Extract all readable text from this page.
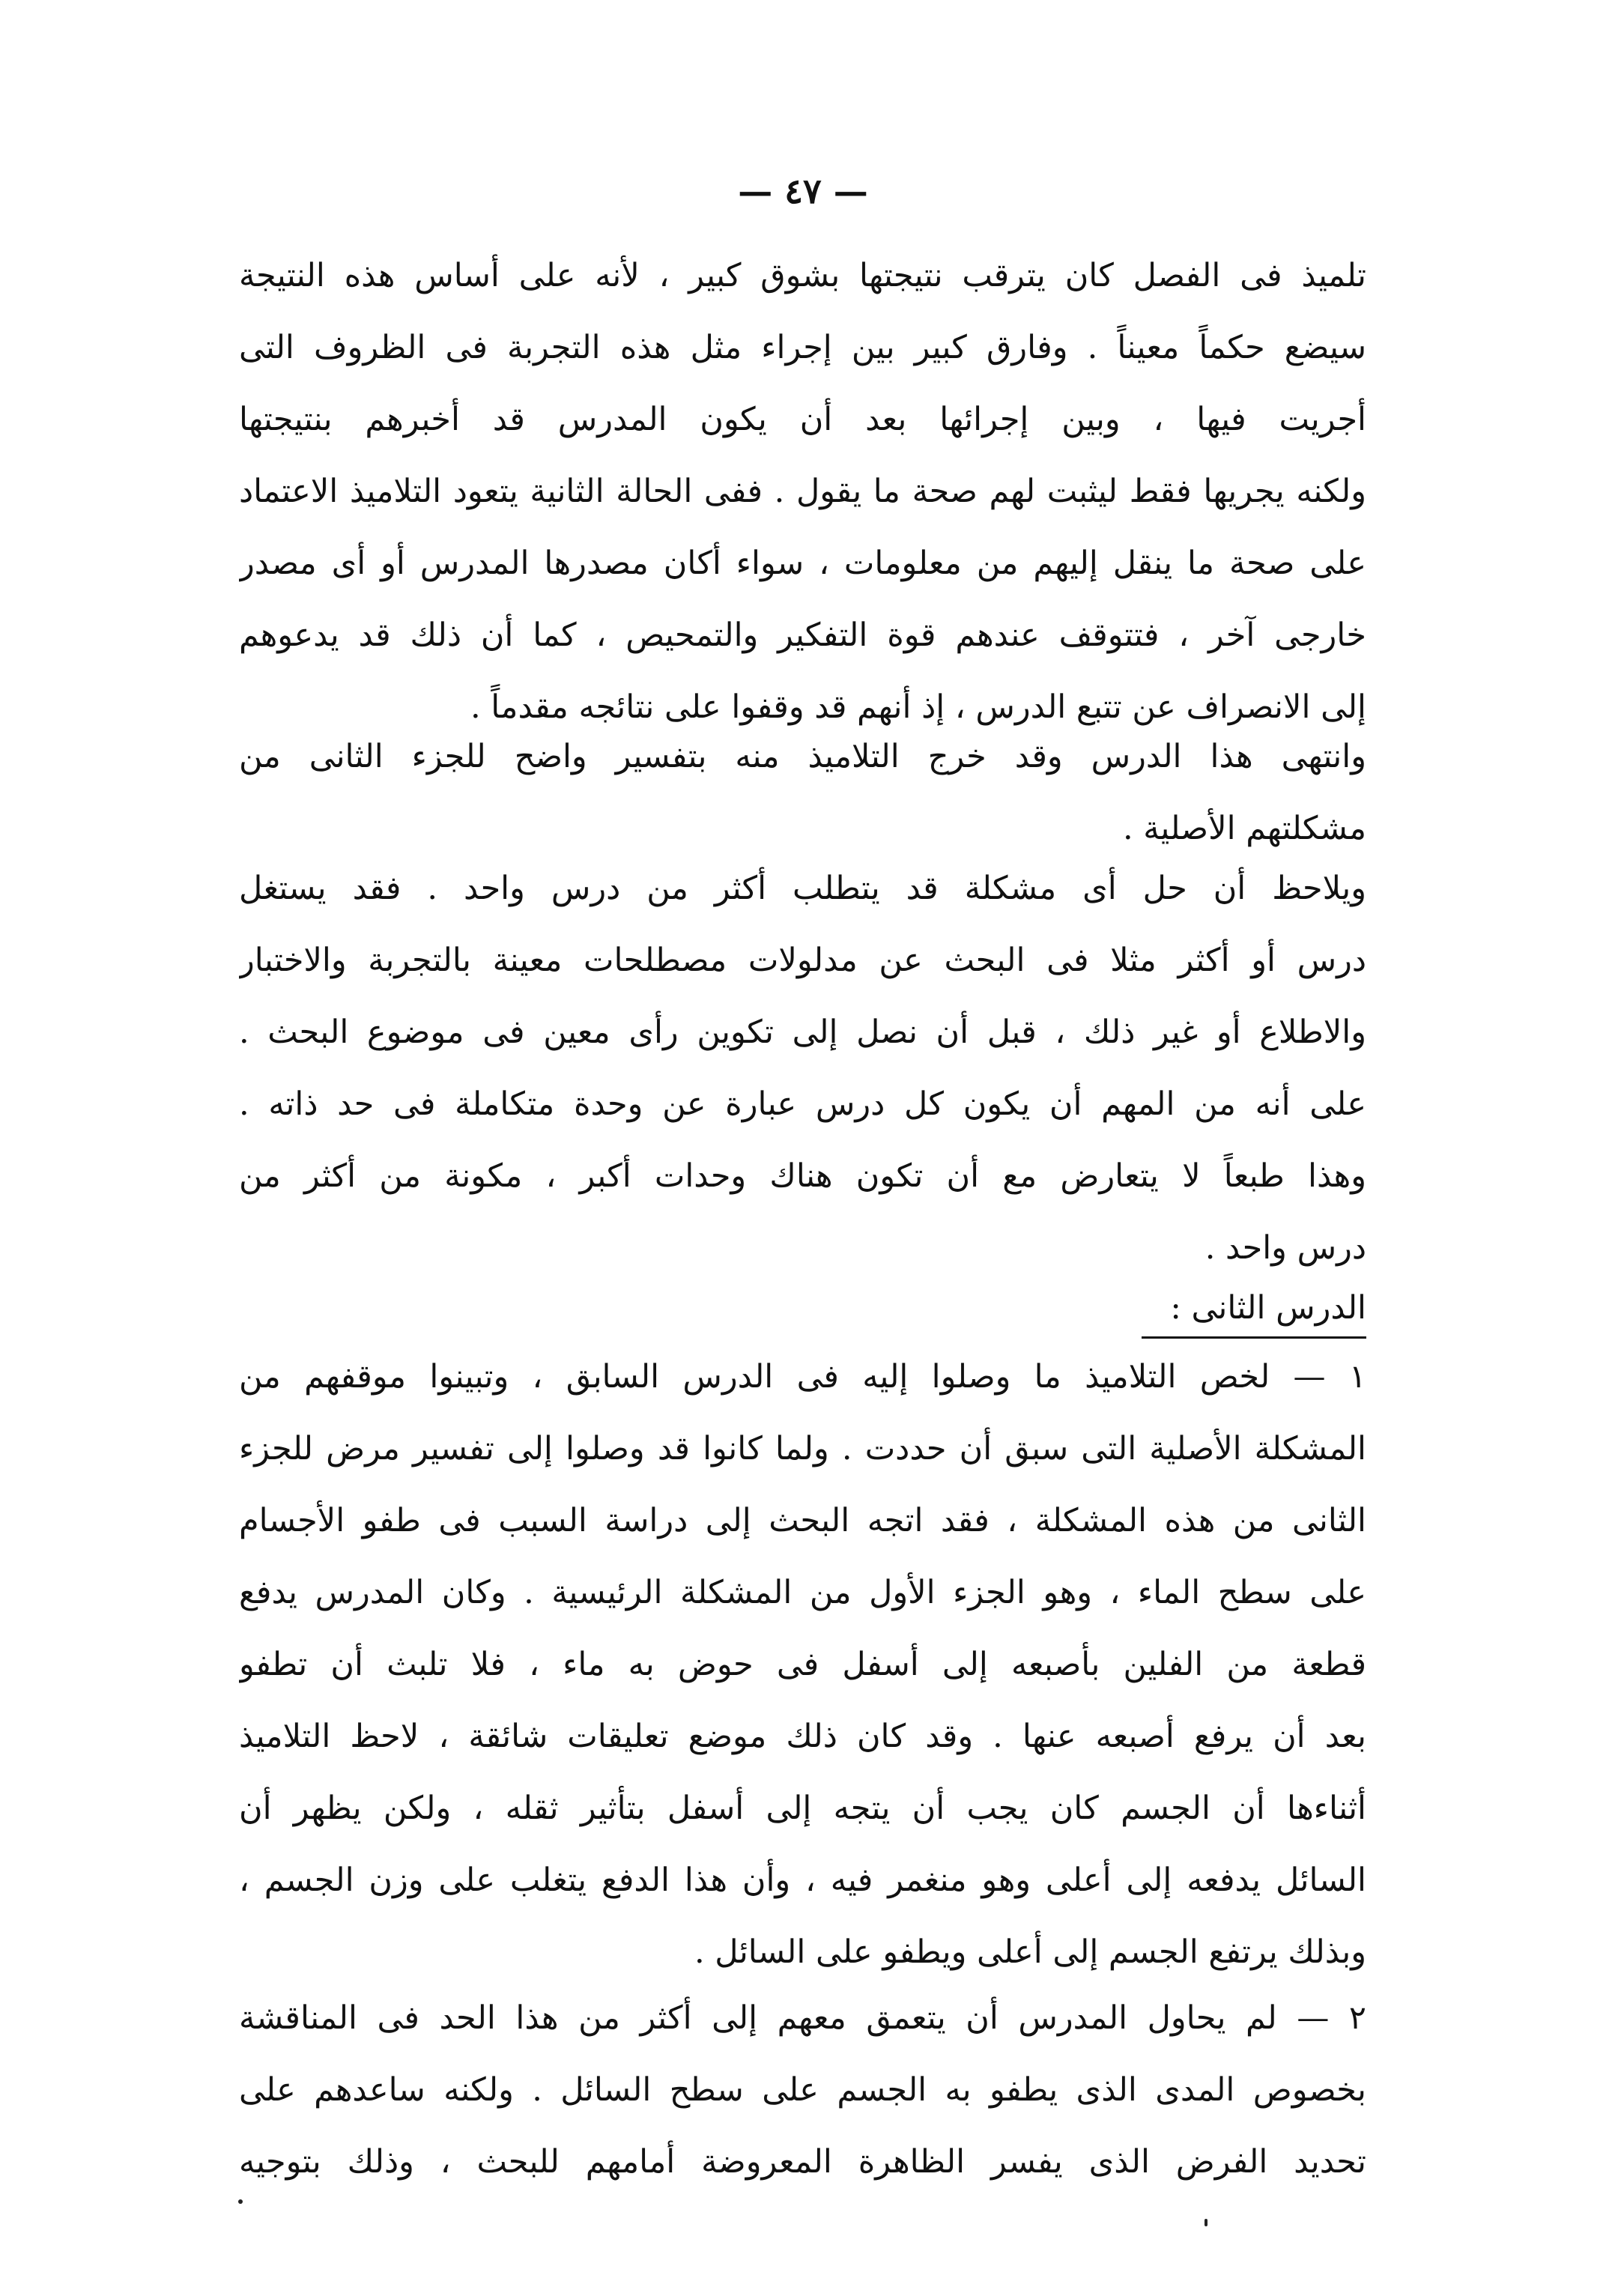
— ٤٧ —
تلميذ فى الفصل كان يترقب نتيجتها بشوق كبير ، لأنه على أساس هذه النتيجة
سيضع حكماً معيناً . وفارق كبير بين إجراء مثل هذه التجربة فى الظروف التى
أجريت فيها ، وبين إجرائها بعد أن يكون المدرس قد أخبرهم بنتيجتها
ولكنه يجريها فقط ليثبت لهم صحة ما يقول . ففى الحالة الثانية يتعود التلاميذ الاعتماد
على صحة ما ينقل إليهم من معلومات ، سواء أكان مصدرها المدرس أو أى مصدر
خارجى آخر ، فتتوقف عندهم قوة التفكير والتمحيص ، كما أن ذلك قد يدعوهم
إلى الانصراف عن تتبع الدرس ، إذ أنهم قد وقفوا على نتائجه مقدماً .
وانتهى هذا الدرس وقد خرج التلاميذ منه بتفسير واضح للجزء الثانى من
مشكلتهم الأصلية .
ويلاحظ أن حل أى مشكلة قد يتطلب أكثر من درس واحد . فقد يستغل
درس أو أكثر مثلا فى البحث عن مدلولات مصطلحات معينة بالتجربة والاختبار
والاطلاع أو غير ذلك ، قبل أن نصل إلى تكوين رأى معين فى موضوع البحث .
على أنه من المهم أن يكون كل درس عبارة عن وحدة متكاملة فى حد ذاته .
وهذا طبعاً لا يتعارض مع أن تكون هناك وحدات أكبر ، مكونة من أكثر من
درس واحد .
الدرس الثانى :
١ — لخص التلاميذ ما وصلوا إليه فى الدرس السابق ، وتبينوا موقفهم من
المشكلة الأصلية التى سبق أن حددت . ولما كانوا قد وصلوا إلى تفسير مرض للجزء
الثانى من هذه المشكلة ، فقد اتجه البحث إلى دراسة السبب فى طفو الأجسام
على سطح الماء ، وهو الجزء الأول من المشكلة الرئيسية . وكان المدرس يدفع
قطعة من الفلين بأصبعه إلى أسفل فى حوض به ماء ، فلا تلبث أن تطفو
بعد أن يرفع أصبعه عنها . وقد كان ذلك موضع تعليقات شائقة ، لاحظ التلاميذ
أثناءها أن الجسم كان يجب أن يتجه إلى أسفل بتأثير ثقله ، ولكن يظهر أن
السائل يدفعه إلى أعلى وهو منغمر فيه ، وأن هذا الدفع يتغلب على وزن الجسم ،
وبذلك يرتفع الجسم إلى أعلى ويطفو على السائل .
٢ — لم يحاول المدرس أن يتعمق معهم إلى أكثر من هذا الحد فى المناقشة
بخصوص المدى الذى يطفو به الجسم على سطح السائل . ولكنه ساعدهم على
تحديد الفرض الذى يفسر الظاهرة المعروضة أمامهم للبحث ، وذلك بتوجيه
